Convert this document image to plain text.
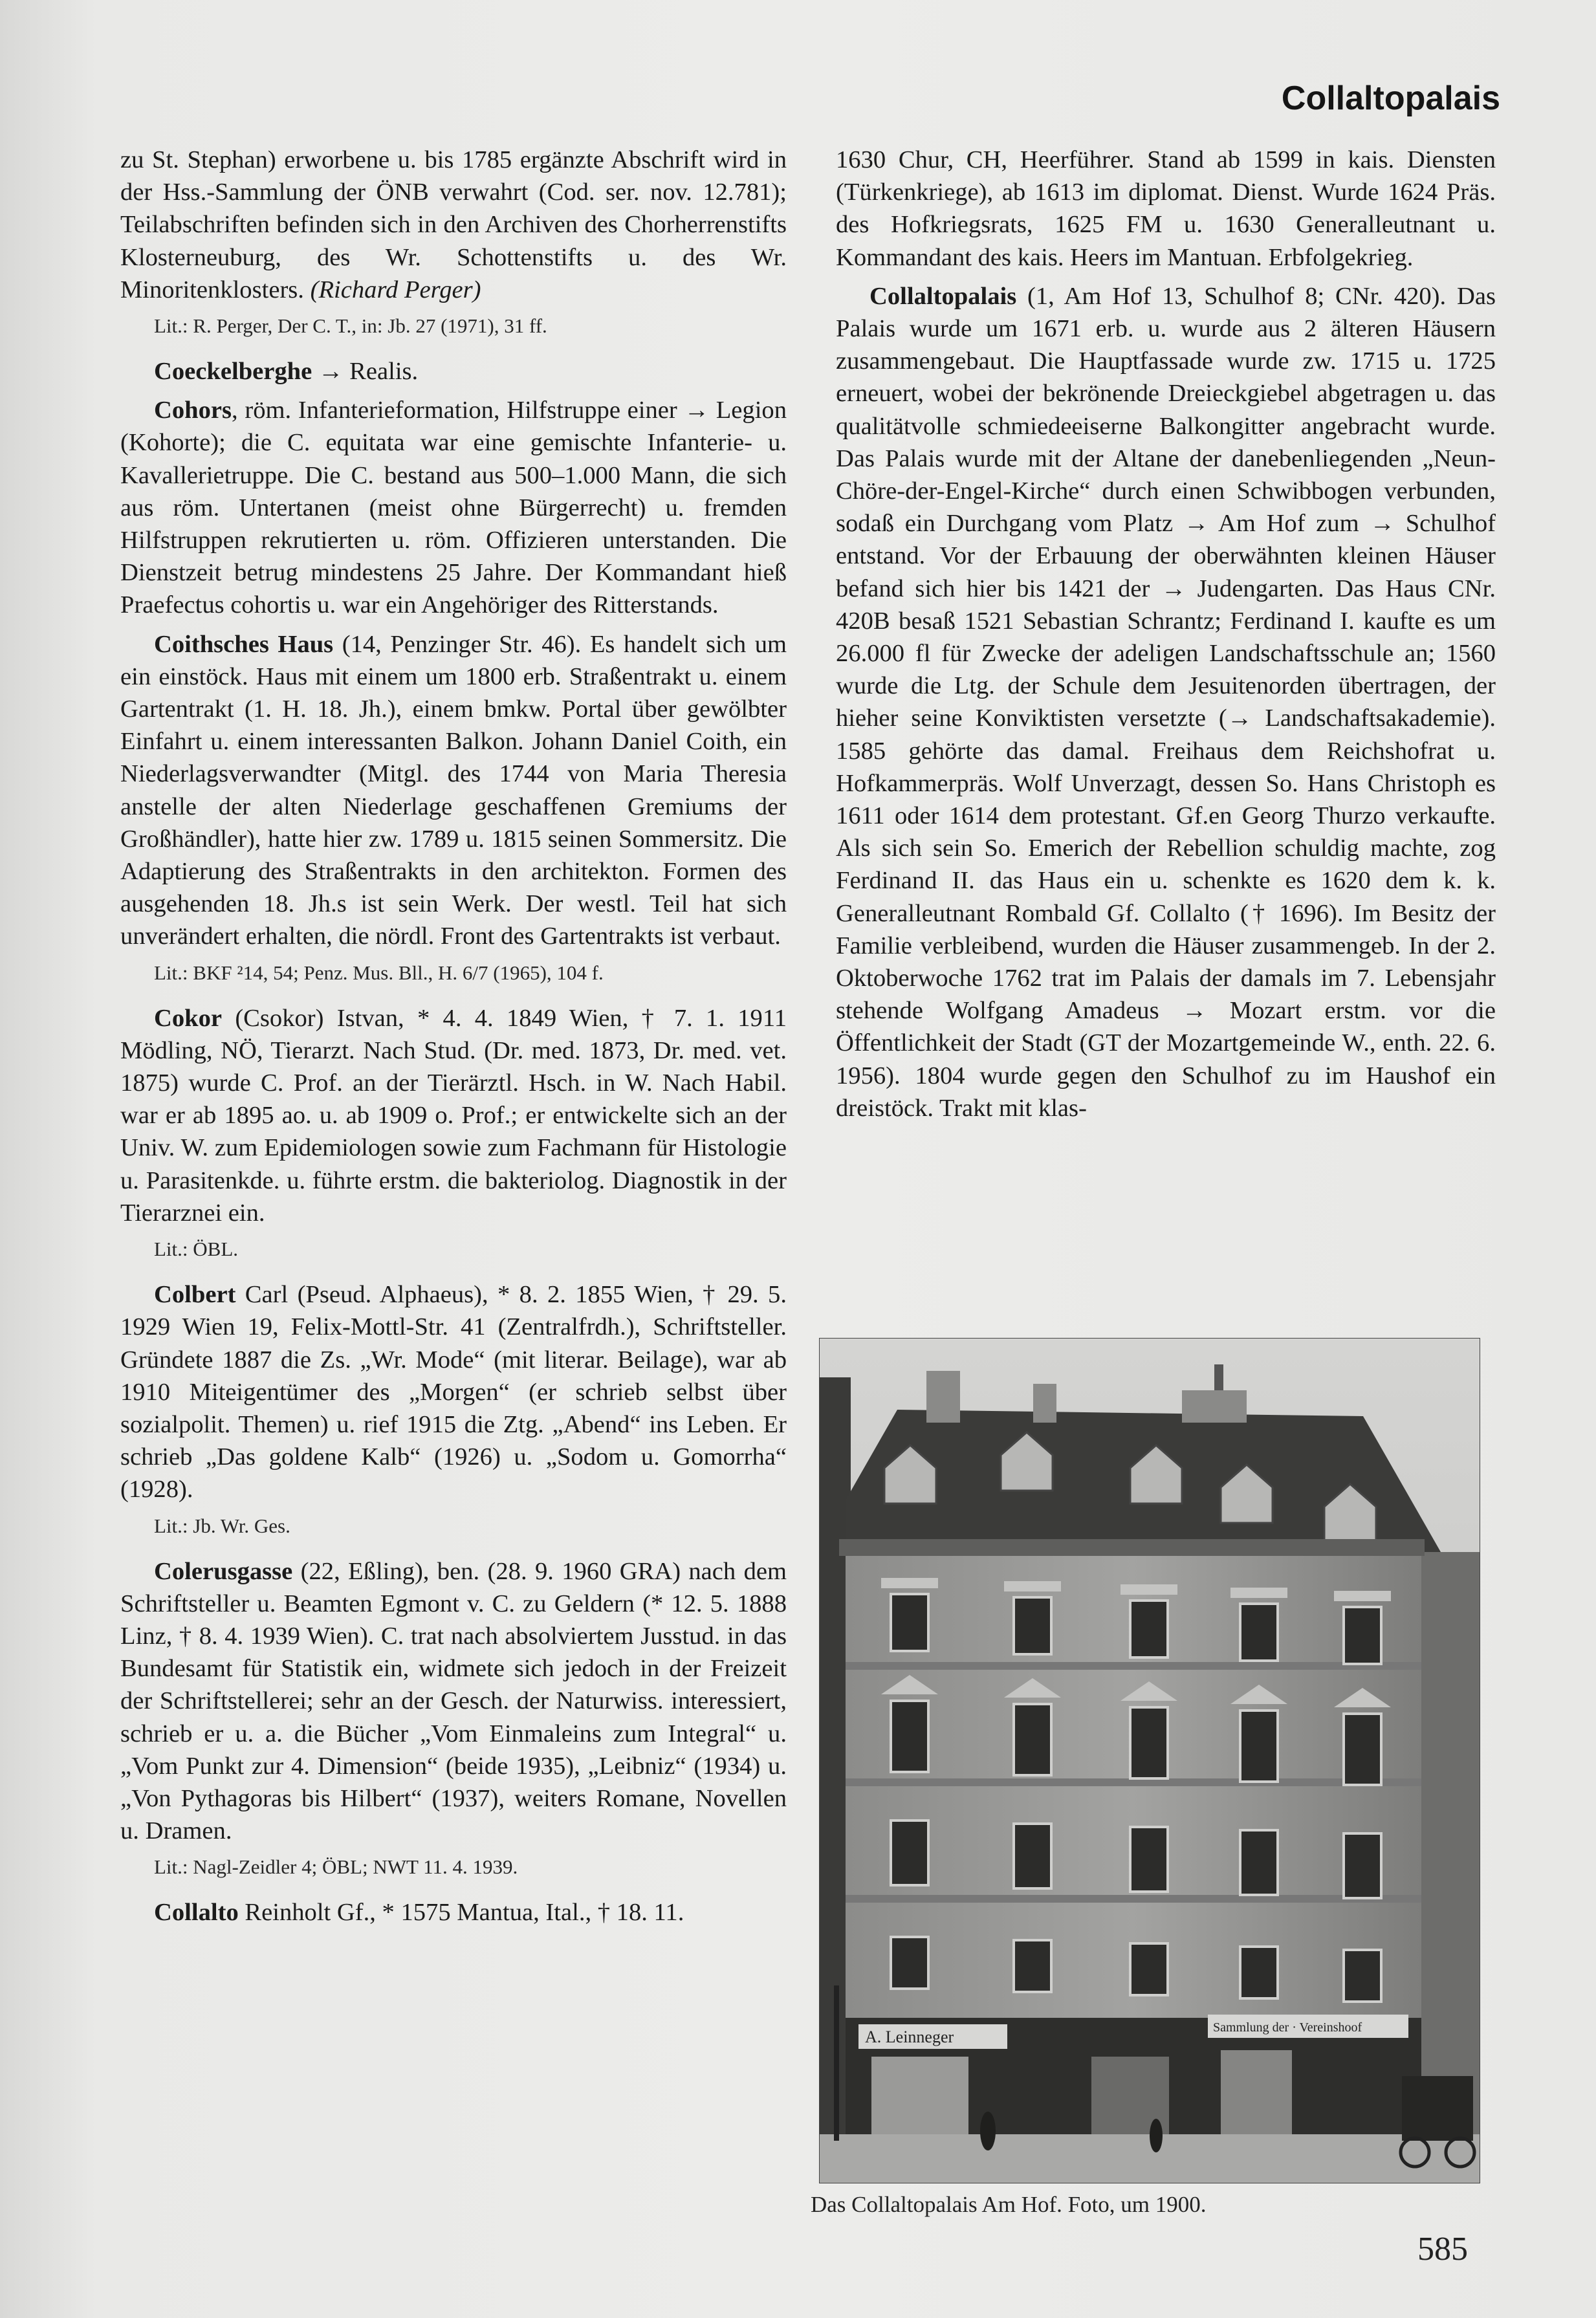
Collaltopalais

zu St. Stephan) erworbene u. bis 1785 ergänzte Abschrift wird in der Hss.-Sammlung der ÖNB verwahrt (Cod. ser. nov. 12.781); Teilabschriften befinden sich in den Archiven des Chorherrenstifts Klosterneuburg, des Wr. Schottenstifts u. des Wr. Minoritenklosters. (Richard Perger)

Lit.: R. Perger, Der C. T., in: Jb. 27 (1971), 31 ff.

Coeckelberghe → Realis.

Cohors, röm. Infanterieformation, Hilfstruppe einer → Legion (Kohorte); die C. equitata war eine gemischte Infanterie- u. Kavallerietruppe. Die C. bestand aus 500–1.000 Mann, die sich aus röm. Untertanen (meist ohne Bürgerrecht) u. fremden Hilfstruppen rekrutierten u. röm. Offizieren unterstanden. Die Dienstzeit betrug mindestens 25 Jahre. Der Kommandant hieß Praefectus cohortis u. war ein Angehöriger des Ritterstands.

Coithsches Haus (14, Penzinger Str. 46). Es handelt sich um ein einstöck. Haus mit einem um 1800 erb. Straßentrakt u. einem Gartentrakt (1. H. 18. Jh.), einem bmkw. Portal über gewölbter Einfahrt u. einem interessanten Balkon. Johann Daniel Coith, ein Niederlagsverwandter (Mitgl. des 1744 von Maria Theresia anstelle der alten Niederlage geschaffenen Gremiums der Großhändler), hatte hier zw. 1789 u. 1815 seinen Sommersitz. Die Adaptierung des Straßentrakts in den architekton. Formen des ausgehenden 18. Jh.s ist sein Werk. Der westl. Teil hat sich unverändert erhalten, die nördl. Front des Gartentrakts ist verbaut.

Lit.: BKF ²14, 54; Penz. Mus. Bll., H. 6/7 (1965), 104 f.

Cokor (Csokor) Istvan, * 4. 4. 1849 Wien, † 7. 1. 1911 Mödling, NÖ, Tierarzt. Nach Stud. (Dr. med. 1873, Dr. med. vet. 1875) wurde C. Prof. an der Tierärztl. Hsch. in W. Nach Habil. war er ab 1895 ao. u. ab 1909 o. Prof.; er entwickelte sich an der Univ. W. zum Epidemiologen sowie zum Fachmann für Histologie u. Parasitenkde. u. führte erstm. die bakteriolog. Diagnostik in der Tierarznei ein.

Lit.: ÖBL.

Colbert Carl (Pseud. Alphaeus), * 8. 2. 1855 Wien, † 29. 5. 1929 Wien 19, Felix-Mottl-Str. 41 (Zentralfrdh.), Schriftsteller. Gründete 1887 die Zs. „Wr. Mode“ (mit literar. Beilage), war ab 1910 Miteigentümer des „Morgen“ (er schrieb selbst über sozialpolit. Themen) u. rief 1915 die Ztg. „Abend“ ins Leben. Er schrieb „Das goldene Kalb“ (1926) u. „Sodom u. Gomorrha“ (1928).

Lit.: Jb. Wr. Ges.

Colerusgasse (22, Eßling), ben. (28. 9. 1960 GRA) nach dem Schriftsteller u. Beamten Egmont v. C. zu Geldern (* 12. 5. 1888 Linz, † 8. 4. 1939 Wien). C. trat nach absolviertem Jusstud. in das Bundesamt für Statistik ein, widmete sich jedoch in der Freizeit der Schriftstellerei; sehr an der Gesch. der Naturwiss. interessiert, schrieb er u. a. die Bücher „Vom Einmaleins zum Integral“ u. „Vom Punkt zur 4. Dimension“ (beide 1935), „Leibniz“ (1934) u. „Von Pythagoras bis Hilbert“ (1937), weiters Romane, Novellen u. Dramen.

Lit.: Nagl-Zeidler 4; ÖBL; NWT 11. 4. 1939.

Collalto Reinholt Gf., * 1575 Mantua, Ital., † 18. 11.

1630 Chur, CH, Heerführer. Stand ab 1599 in kais. Diensten (Türkenkriege), ab 1613 im diplomat. Dienst. Wurde 1624 Präs. des Hofkriegsrats, 1625 FM u. 1630 Generalleutnant u. Kommandant des kais. Heers im Mantuan. Erbfolgekrieg.

Collaltopalais (1, Am Hof 13, Schulhof 8; CNr. 420). Das Palais wurde um 1671 erb. u. wurde aus 2 älteren Häusern zusammengebaut. Die Hauptfassade wurde zw. 1715 u. 1725 erneuert, wobei der bekrönende Dreieckgiebel abgetragen u. das qualitätvolle schmiedeeiserne Balkongitter angebracht wurde. Das Palais wurde mit der Altane der danebenliegenden „Neun-Chöre-der-Engel-Kirche“ durch einen Schwibbogen verbunden, sodaß ein Durchgang vom Platz → Am Hof zum → Schulhof entstand. Vor der Erbauung der oberwähnten kleinen Häuser befand sich hier bis 1421 der → Judengarten. Das Haus CNr. 420B besaß 1521 Sebastian Schrantz; Ferdinand I. kaufte es um 26.000 fl für Zwecke der adeligen Landschaftsschule an; 1560 wurde die Ltg. der Schule dem Jesuitenorden übertragen, der hieher seine Konviktisten versetzte (→ Landschaftsakademie). 1585 gehörte das damal. Freihaus dem Reichshofrat u. Hofkammerpräs. Wolf Unverzagt, dessen So. Hans Christoph es 1611 oder 1614 dem protestant. Gf.en Georg Thurzo verkaufte. Als sich sein So. Emerich der Rebellion schuldig machte, zog Ferdinand II. das Haus ein u. schenkte es 1620 dem k. k. Generalleutnant Rombald Gf. Collalto († 1696). Im Besitz der Familie verbleibend, wurden die Häuser zusammengeb. In der 2. Oktoberwoche 1762 trat im Palais der damals im 7. Lebensjahr stehende Wolfgang Amadeus → Mozart erstm. vor die Öffentlichkeit der Stadt (GT der Mozartgemeinde W., enth. 22. 6. 1956). 1804 wurde gegen den Schulhof zu im Haushof ein dreistöck. Trakt mit klas-

A. Leinneger	Sammlung der · Vereinshoof
Das Collaltopalais Am Hof. Foto, um 1900.
585
